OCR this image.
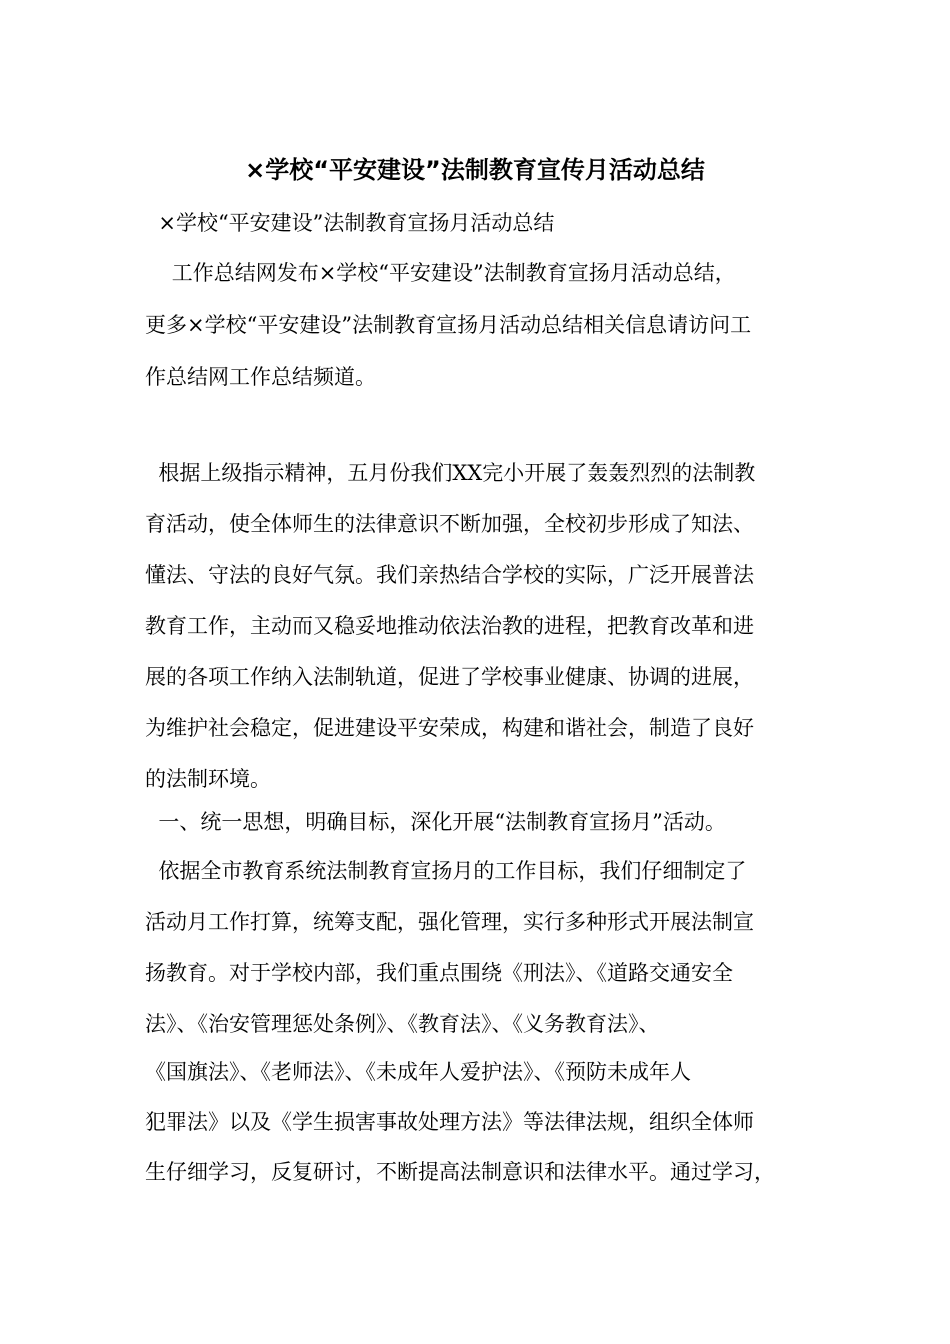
×学校“平安建设”法制教育宣传月活动总结
×学校“平安建设”法制教育宣扬月活动总结
工作总结网发布×学校“平安建设”法制教育宣扬月活动总结，
更多×学校“平安建设”法制教育宣扬月活动总结相关信息请访问工
作总结网工作总结频道。
根据上级指示精神，五月份我们XX完小开展了轰轰烈烈的法制教
育活动，使全体师生的法律意识不断加强，全校初步形成了知法、
懂法、守法的良好气氛。我们亲热结合学校的实际，广泛开展普法
教育工作，主动而又稳妥地推动依法治教的进程，把教育改革和进
展的各项工作纳入法制轨道，促进了学校事业健康、协调的进展，
为维护社会稳定，促进建设平安荣成，构建和谐社会，制造了良好
的法制环境。
一、统一思想，明确目标，深化开展“法制教育宣扬月”活动。
依据全市教育系统法制教育宣扬月的工作目标，我们仔细制定了
活动月工作打算，统筹支配，强化管理，实行多种形式开展法制宣
扬教育。对于学校内部，我们重点围绕《刑法》、《道路交通安全
法》、《治安管理惩处条例》、《教育法》、《义务教育法》、
《国旗法》、《老师法》、《未成年人爱护法》、《预防未成年人
犯罪法》以及《学生损害事故处理方法》等法律法规，组织全体师
生仔细学习，反复研讨，不断提高法制意识和法律水平。通过学习，
